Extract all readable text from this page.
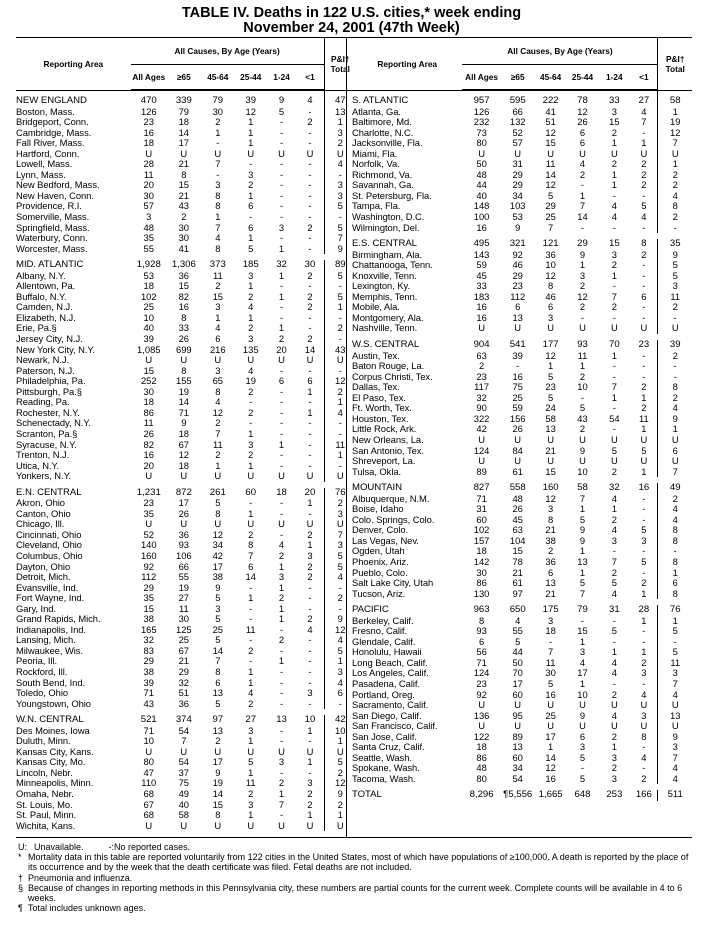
TABLE IV. Deaths in 122 U.S. cities,* week ending
November 24, 2001 (47th Week)
Reporting Area	All Causes, By Age (Years)						P&I† Total
	All Ages	≥65	45-64	25-44	1-24	<1	
NEW ENGLAND	470	339	79	39	9	4	47
Boston, Mass.	126	79	30	12	5	-	13
Bridgeport, Conn.	23	18	2	1	-	2	1
Cambridge, Mass.	16	14	1	1	-	-	3
Fall River, Mass.	18	17	-	1	-	-	2
Hartford, Conn.	U	U	U	U	U	U	U
Lowell, Mass.	28	21	7	-	-	-	4
Lynn, Mass.	11	8	-	3	-	-	-
New Bedford, Mass.	20	15	3	2	-	-	3
New Haven, Conn.	30	21	8	1	-	-	3
Providence, R.I.	57	43	8	6	-	-	5
Somerville, Mass.	3	2	1	-	-	-	-
Springfield, Mass.	48	30	7	6	3	2	5
Waterbury, Conn.	35	30	4	1	-	-	7
Worcester, Mass.	55	41	8	5	1	-	9

MID. ATLANTIC	1,928	1,306	373	185	32	30	89
Albany, N.Y.	53	36	11	3	1	2	5
Allentown, Pa.	18	15	2	1	-	-	-
Buffalo, N.Y.	102	82	15	2	1	2	5
Camden, N.J.	25	16	3	4	-	2	1
Elizabeth, N.J.	10	8	1	1	-	-	-
Erie, Pa.§	40	33	4	2	1	-	2
Jersey City, N.J.	39	26	6	3	2	2	-
New York City, N.Y.	1,085	699	216	135	20	14	43
Newark, N.J.	U	U	U	U	U	U	U
Paterson, N.J.	15	8	3	4	-	-	-
Philadelphia, Pa.	252	155	65	19	6	6	12
Pittsburgh, Pa.§	30	19	8	2	-	1	2
Reading, Pa.	18	14	4	-	-	-	1
Rochester, N.Y.	86	71	12	2	-	1	4
Schenectady, N.Y.	11	9	2	-	-	-	-
Scranton, Pa.§	26	18	7	1	-	-	-
Syracuse, N.Y.	82	67	11	3	1	-	11
Trenton, N.J.	16	12	2	2	-	-	1
Utica, N.Y.	20	18	1	1	-	-	-
Yonkers, N.Y.	U	U	U	U	U	U	U

E.N. CENTRAL	1,231	872	261	60	18	20	76
Akron, Ohio	23	17	5	-	-	1	2
Canton, Ohio	35	26	8	1	-	-	3
Chicago, Ill.	U	U	U	U	U	U	U
Cincinnati, Ohio	52	36	12	2	-	2	7
Cleveland, Ohio	140	93	34	8	4	1	3
Columbus, Ohio	160	106	42	7	2	3	5
Dayton, Ohio	92	66	17	6	1	2	5
Detroit, Mich.	112	55	38	14	3	2	4
Evansville, Ind.	29	19	9	-	1	-	-
Fort Wayne, Ind.	35	27	5	1	2	-	2
Gary, Ind.	15	11	3	-	1	-	-
Grand Rapids, Mich.	38	30	5	-	1	2	9
Indianapolis, Ind.	165	125	25	11	-	4	12
Lansing, Mich.	32	25	5	-	2	-	4
Milwaukee, Wis.	83	67	14	2	-	-	5
Peoria, Ill.	29	21	7	-	1	-	1
Rockford, Ill.	38	29	8	1	-	-	3
South Bend, Ind.	39	32	6	1	-	-	4
Toledo, Ohio	71	51	13	4	-	3	6
Youngstown, Ohio	43	36	5	2	-	-	-

W.N. CENTRAL	521	374	97	27	13	10	42
Des Moines, Iowa	71	54	13	3	-	1	10
Duluth, Minn.	10	7	2	1	-	-	1
Kansas City, Kans.	U	U	U	U	U	U	U
Kansas City, Mo.	80	54	17	5	3	1	5
Lincoln, Nebr.	47	37	9	1	-	-	2
Minneapolis, Minn.	110	75	19	11	2	3	12
Omaha, Nebr.	68	49	14	2	1	2	9
St. Louis, Mo.	67	40	15	3	7	2	2
St. Paul, Minn.	68	58	8	1	-	1	1
Wichita, Kans.	U	U	U	U	U	U	U
Reporting Area	All Causes, By Age (Years)						P&I† Total
	All Ages	≥65	45-64	25-44	1-24	<1	
S. ATLANTIC	957	595	222	78	33	27	58
Atlanta, Ga.	126	66	41	12	3	4	1
Baltimore, Md.	232	132	51	26	15	7	19
Charlotte, N.C.	73	52	12	6	2	-	12
Jacksonville, Fla.	80	57	15	6	1	1	7
Miami, Fla.	U	U	U	U	U	U	U
Norfolk, Va.	50	31	11	4	2	2	1
Richmond, Va.	48	29	14	2	1	2	2
Savannah, Ga.	44	29	12	-	1	2	2
St. Petersburg, Fla.	40	34	5	1	-	-	4
Tampa, Fla.	148	103	29	7	4	5	8
Washington, D.C.	100	53	25	14	4	4	2
Wilmington, Del.	16	9	7	-	-	-	-

E.S. CENTRAL	495	321	121	29	15	8	35
Birmingham, Ala.	143	92	36	9	3	2	9
Chattanooga, Tenn.	59	46	10	1	2	-	5
Knoxville, Tenn.	45	29	12	3	1	-	5
Lexington, Ky.	33	23	8	2	-	-	3
Memphis, Tenn.	183	112	46	12	7	6	11
Mobile, Ala.	16	6	6	2	2	-	2
Montgomery, Ala.	16	13	3	-	-	-	-
Nashville, Tenn.	U	U	U	U	U	U	U

W.S. CENTRAL	904	541	177	93	70	23	39
Austin, Tex.	63	39	12	11	1	-	2
Baton Rouge, La.	2	-	1	1	-	-	-
Corpus Christi, Tex.	23	16	5	2	-	-	-
Dallas, Tex.	117	75	23	10	7	2	8
El Paso, Tex.	32	25	5	-	1	1	2
Ft. Worth, Tex.	90	59	24	5	-	2	4
Houston, Tex.	322	156	58	43	54	11	9
Little Rock, Ark.	42	26	13	2	-	1	1
New Orleans, La.	U	U	U	U	U	U	U
San Antonio, Tex.	124	84	21	9	5	5	6
Shreveport, La.	U	U	U	U	U	U	U
Tulsa, Okla.	89	61	15	10	2	1	7

MOUNTAIN	827	558	160	58	32	16	49
Albuquerque, N.M.	71	48	12	7	4	-	2
Boise, Idaho	31	26	3	1	1	-	4
Colo. Springs, Colo.	60	45	8	5	2	-	4
Denver, Colo.	102	63	21	9	4	5	8
Las Vegas, Nev.	157	104	38	9	3	3	8
Ogden, Utah	18	15	2	1	-	-	-
Phoenix, Ariz.	142	78	36	13	7	5	8
Pueblo, Colo.	30	21	6	1	2	-	1
Salt Lake City, Utah	86	61	13	5	5	2	6
Tucson, Ariz.	130	97	21	7	4	1	8

PACIFIC	963	650	175	79	31	28	76
Berkeley, Calif.	8	4	3	-	-	1	1
Fresno, Calif.	93	55	18	15	5	-	5
Glendale, Calif.	6	5	-	1	-	-	-
Honolulu, Hawaii	56	44	7	3	1	1	5
Long Beach, Calif.	71	50	11	4	4	2	11
Los Angeles, Calif.	124	70	30	17	4	3	3
Pasadena, Calif.	23	17	5	1	-	-	7
Portland, Oreg.	92	60	16	10	2	4	4
Sacramento, Calif.	U	U	U	U	U	U	U
San Diego, Calif.	136	95	25	9	4	3	13
San Francisco, Calif.	U	U	U	U	U	U	U
San Jose, Calif.	122	89	17	6	2	8	9
Santa Cruz, Calif.	18	13	1	3	1	-	3
Seattle, Wash.	86	60	14	5	3	4	7
Spokane, Wash.	48	34	12	-	2	-	4
Tacoma, Wash.	80	54	16	5	3	2	4

TOTAL	8,296	¶5,556	1,665	648	253	166	511
U: Unavailable.          -:No reported cases.
* Mortality data in this table are reported voluntarily from 122 cities in the United States, most of which have populations of ≥100,000. A death is reported by the place of its occurrence and by the week that the death certificate was filed. Fetal deaths are not included.
† Pneumonia and influenza.
§ Because of changes in reporting methods in this Pennsylvania city, these numbers are partial counts for the current week. Complete counts will be available in 4 to 6 weeks.
¶ Total includes unknown ages.
